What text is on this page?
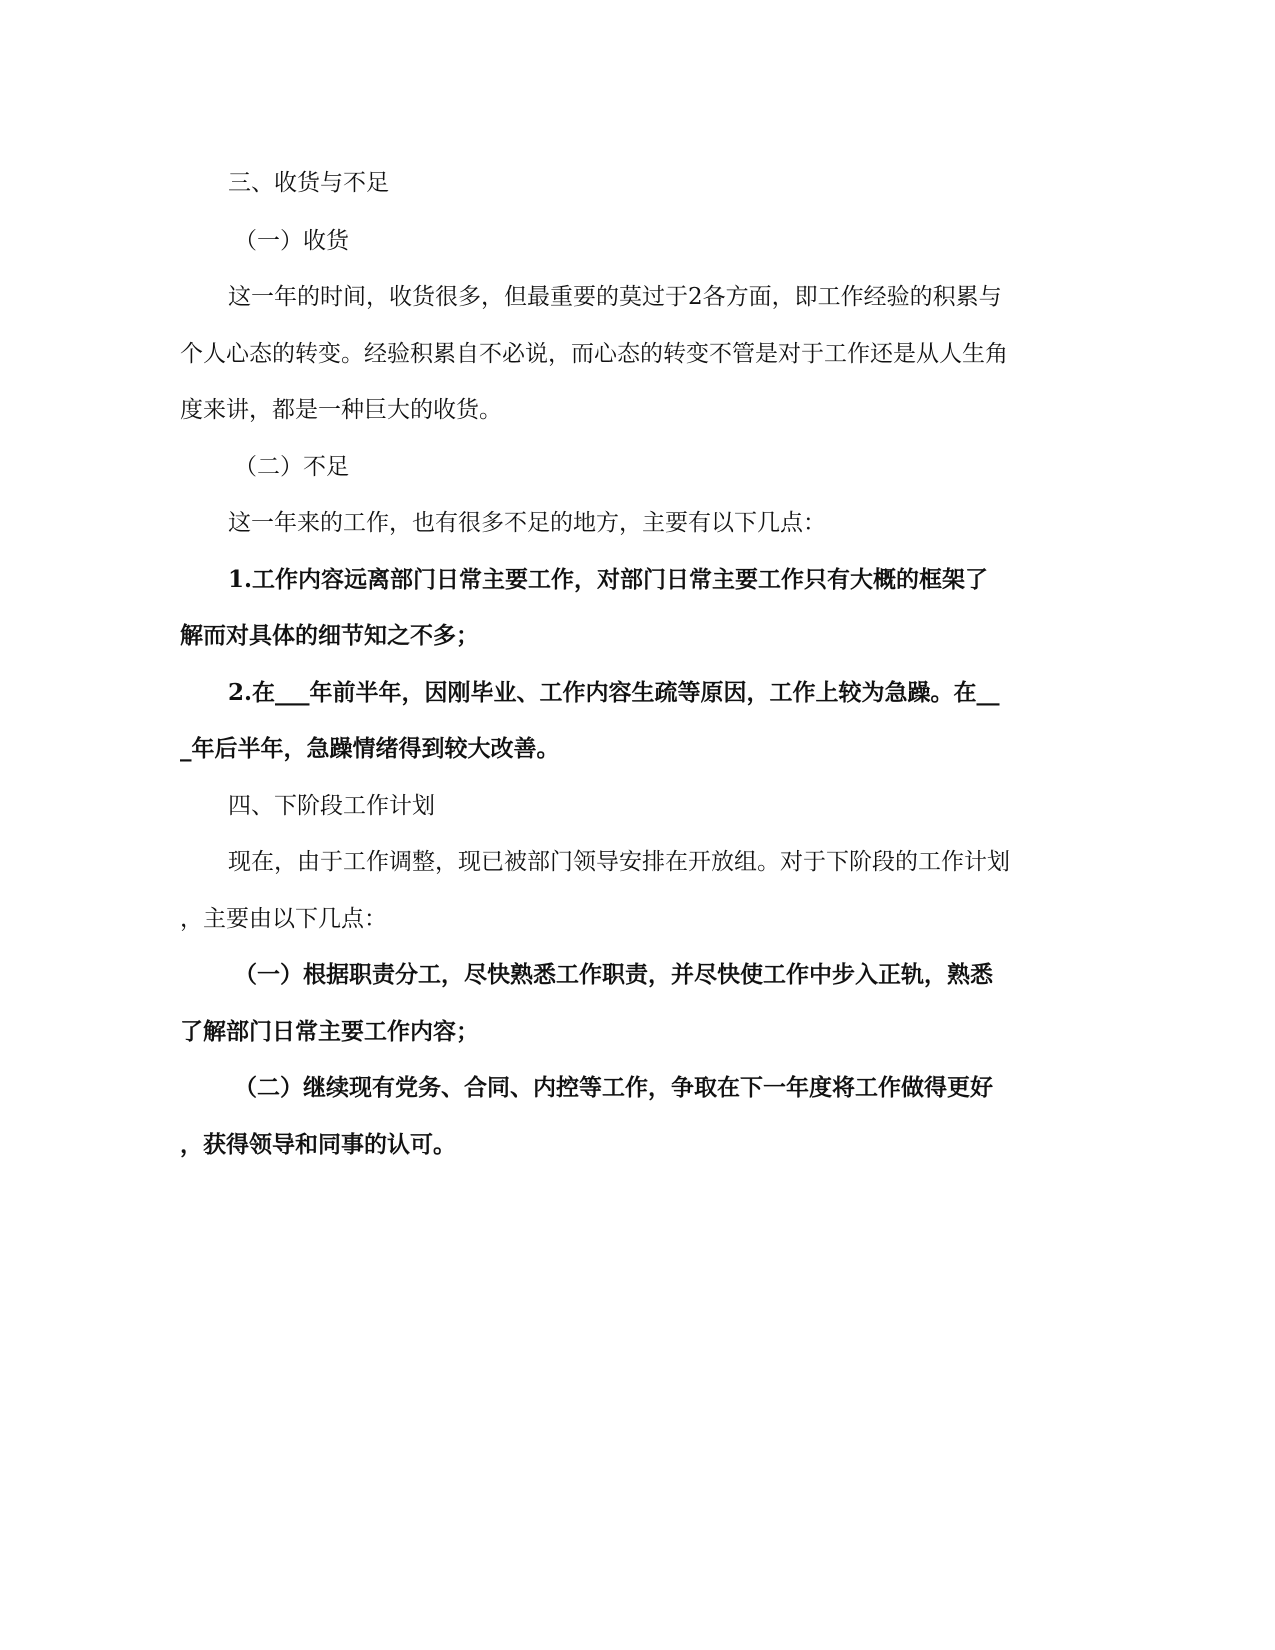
三、收货与不足
（一）收货
这一年的时间，收货很多，但最重要的莫过于2各方面，即工作经验的积累与
个人心态的转变。经验积累自不必说，而心态的转变不管是对于工作还是从人生角
度来讲，都是一种巨大的收货。
（二）不足
这一年来的工作，也有很多不足的地方，主要有以下几点：
1.工作内容远离部门日常主要工作，对部门日常主要工作只有大概的框架了
解而对具体的细节知之不多；
2.在___年前半年，因刚毕业、工作内容生疏等原因，工作上较为急躁。在__
_年后半年，急躁情绪得到较大改善。
四、下阶段工作计划
现在，由于工作调整，现已被部门领导安排在开放组。对于下阶段的工作计划
，主要由以下几点：
（一）根据职责分工，尽快熟悉工作职责，并尽快使工作中步入正轨，熟悉
了解部门日常主要工作内容；
（二）继续现有党务、合同、内控等工作，争取在下一年度将工作做得更好
，获得领导和同事的认可。
